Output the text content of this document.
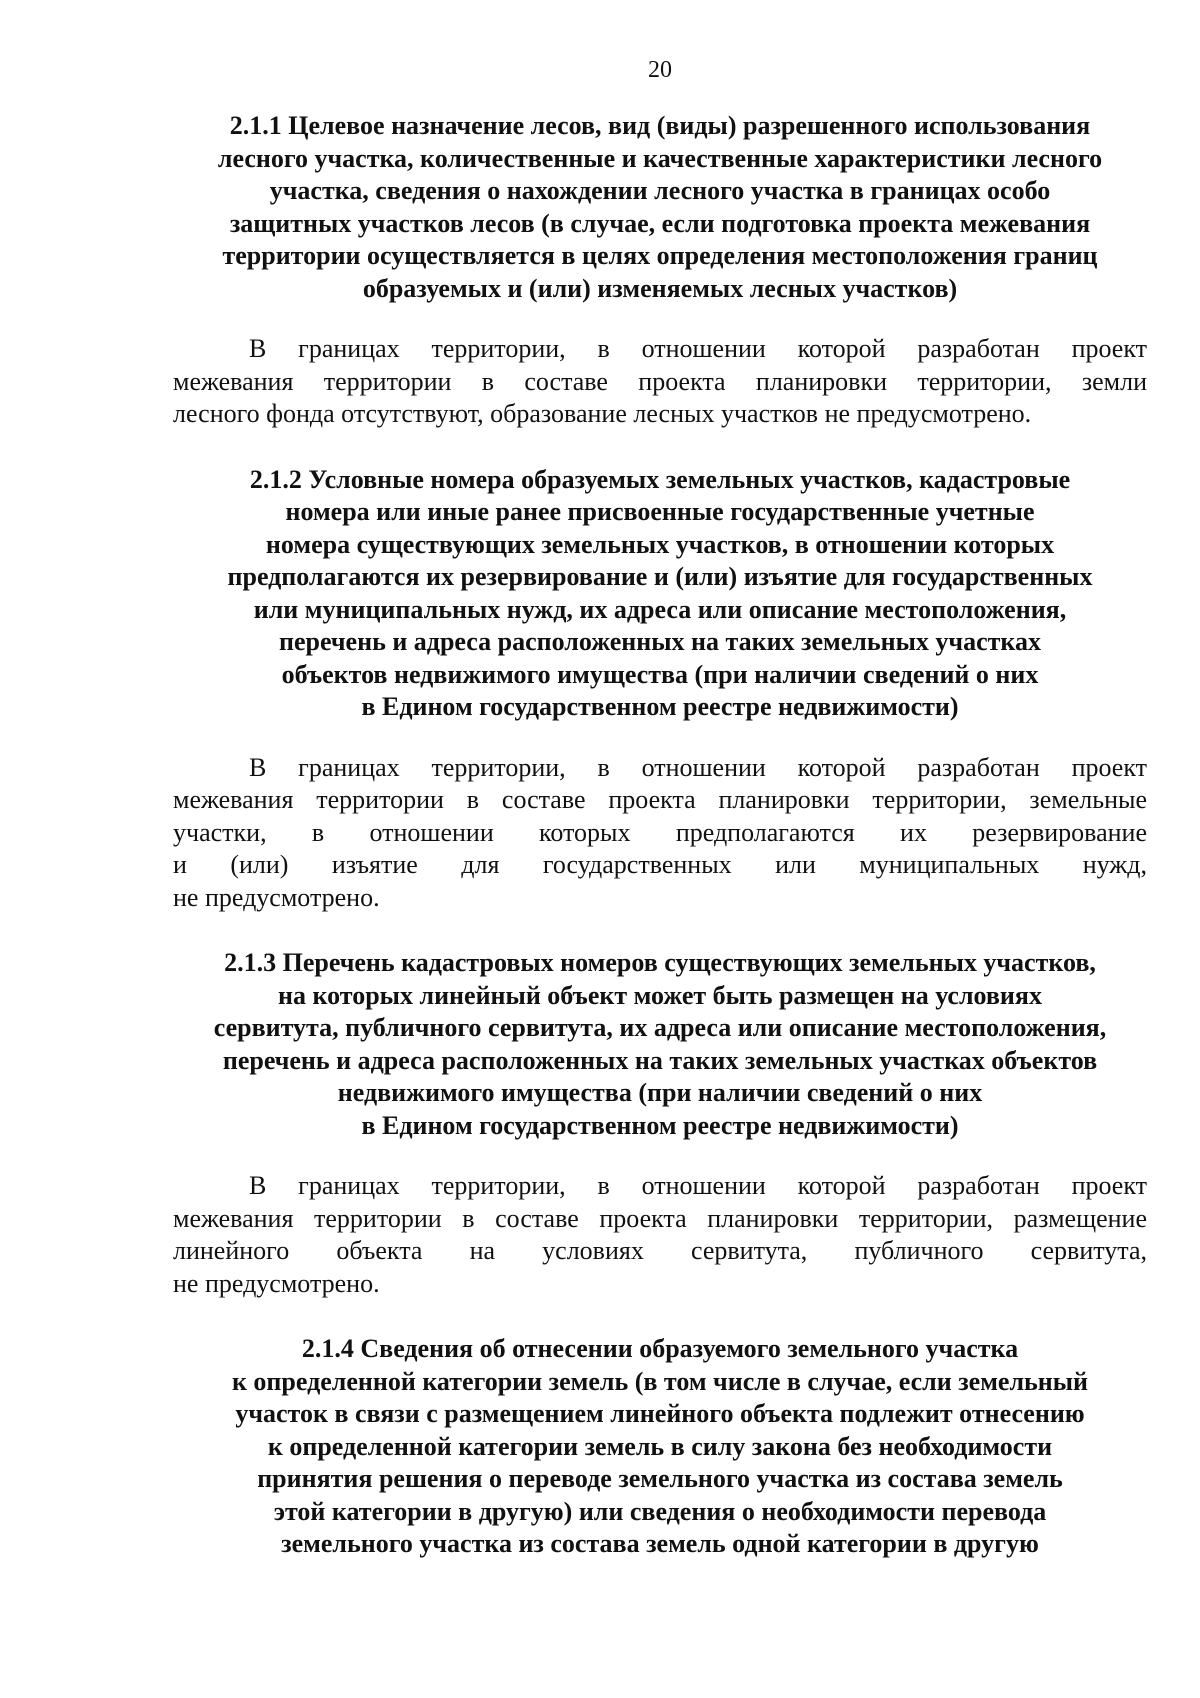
20
2.1.1 Целевое назначение лесов, вид (виды) разрешенного использования
лесного участка, количественные и качественные характеристики лесного
участка, сведения о нахождении лесного участка в границах особо
защитных участков лесов (в случае, если подготовка проекта межевания
территории осуществляется в целях определения местоположения границ
образуемых и (или) изменяемых лесных участков)
В границах территории, в отношении которой разработан проект
межевания территории в составе проекта планировки территории, земли
лесного фонда отсутствуют, образование лесных участков не предусмотрено.
2.1.2 Условные номера образуемых земельных участков, кадастровые
номера или иные ранее присвоенные государственные учетные
номера существующих земельных участков, в отношении которых
предполагаются их резервирование и (или) изъятие для государственных
или муниципальных нужд, их адреса или описание местоположения,
перечень и адреса расположенных на таких земельных участках
объектов недвижимого имущества (при наличии сведений о них
в Едином государственном реестре недвижимости)
В границах территории, в отношении которой разработан проект
межевания территории в составе проекта планировки территории, земельные
участки, в отношении которых предполагаются их резервирование
и (или) изъятие для государственных или муниципальных нужд,
не предусмотрено.
2.1.3 Перечень кадастровых номеров существующих земельных участков,
на которых линейный объект может быть размещен на условиях
сервитута, публичного сервитута, их адреса или описание местоположения,
перечень и адреса расположенных на таких земельных участках объектов
недвижимого имущества (при наличии сведений о них
в Едином государственном реестре недвижимости)
В границах территории, в отношении которой разработан проект
межевания территории в составе проекта планировки территории, размещение
линейного объекта на условиях сервитута, публичного сервитута,
не предусмотрено.
2.1.4 Сведения об отнесении образуемого земельного участка
к определенной категории земель (в том числе в случае, если земельный
участок в связи с размещением линейного объекта подлежит отнесению
к определенной категории земель в силу закона без необходимости
принятия решения о переводе земельного участка из состава земель
этой категории в другую) или сведения о необходимости перевода
земельного участка из состава земель одной категории в другую
